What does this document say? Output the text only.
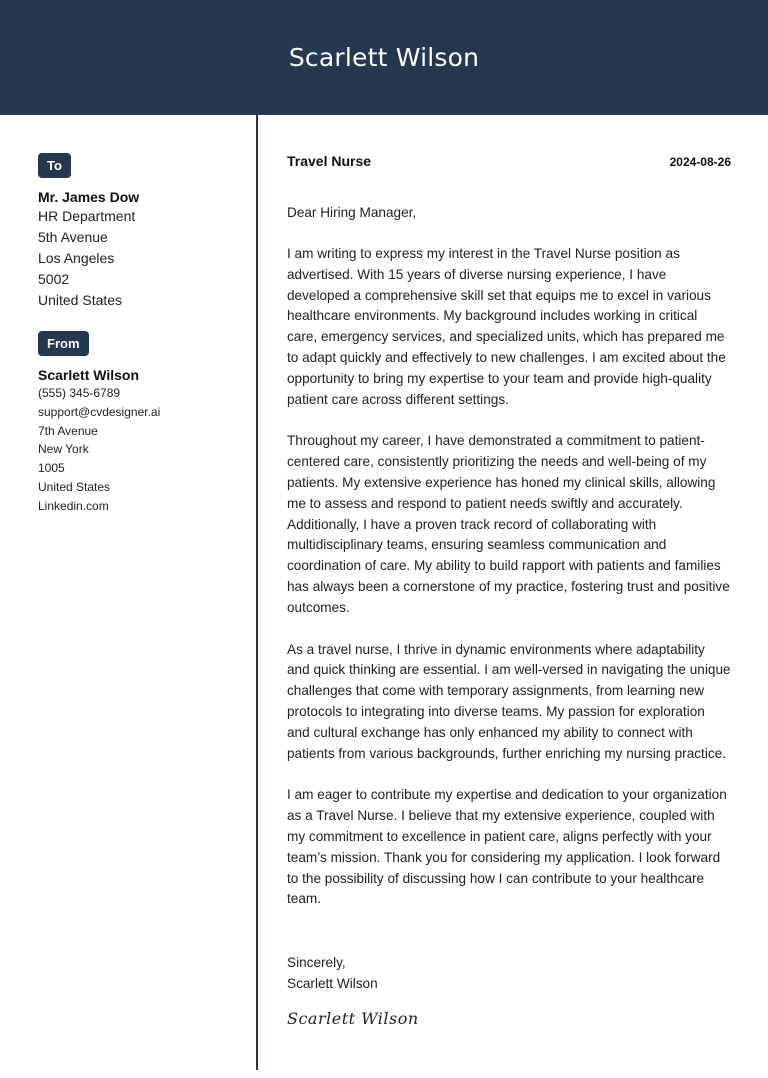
Scarlett Wilson
To
Mr. James Dow
HR Department
5th Avenue
Los Angeles
5002
United States
From
Scarlett Wilson
(555) 345-6789
support@cvdesigner.ai
7th Avenue
New York
1005
United States
Linkedin.com
Travel Nurse	2024-08-26
Dear Hiring Manager,
I am writing to express my interest in the Travel Nurse position as advertised. With 15 years of diverse nursing experience, I have developed a comprehensive skill set that equips me to excel in various healthcare environments. My background includes working in critical care, emergency services, and specialized units, which has prepared me to adapt quickly and effectively to new challenges. I am excited about the opportunity to bring my expertise to your team and provide high-quality patient care across different settings.
Throughout my career, I have demonstrated a commitment to patient-centered care, consistently prioritizing the needs and well-being of my patients. My extensive experience has honed my clinical skills, allowing me to assess and respond to patient needs swiftly and accurately. Additionally, I have a proven track record of collaborating with multidisciplinary teams, ensuring seamless communication and coordination of care. My ability to build rapport with patients and families has always been a cornerstone of my practice, fostering trust and positive outcomes.
As a travel nurse, I thrive in dynamic environments where adaptability and quick thinking are essential. I am well-versed in navigating the unique challenges that come with temporary assignments, from learning new protocols to integrating into diverse teams. My passion for exploration and cultural exchange has only enhanced my ability to connect with patients from various backgrounds, further enriching my nursing practice.
I am eager to contribute my expertise and dedication to your organization as a Travel Nurse. I believe that my extensive experience, coupled with my commitment to excellence in patient care, aligns perfectly with your team’s mission. Thank you for considering my application. I look forward to the possibility of discussing how I can contribute to your healthcare team.
Sincerely,
Scarlett Wilson
Scarlett Wilson
